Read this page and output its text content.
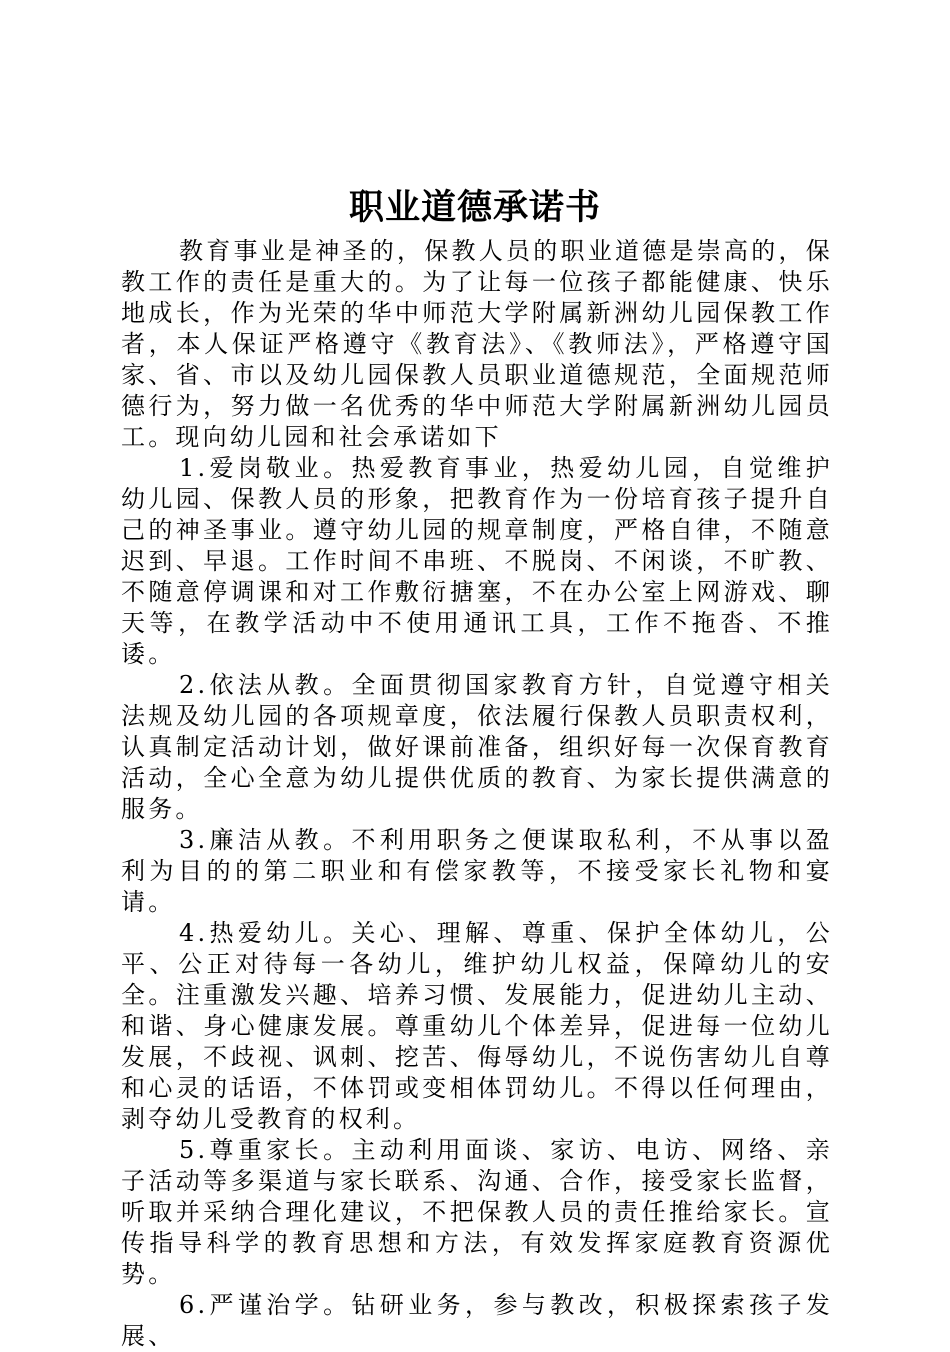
职业道德承诺书

教育事业是神圣的，保教人员的职业道德是崇高的，保教工作的责任是重大的。为了让每一位孩子都能健康、快乐地成长，作为光荣的华中师范大学附属新洲幼儿园保教工作者，本人保证严格遵守《教育法》、《教师法》，严格遵守国家、省、市以及幼儿园保教人员职业道德规范，全面规范师德行为，努力做一名优秀的华中师范大学附属新洲幼儿园员工。现向幼儿园和社会承诺如下

1.爱岗敬业。热爱教育事业，热爱幼儿园，自觉维护幼儿园、保教人员的形象，把教育作为一份培育孩子提升自己的神圣事业。遵守幼儿园的规章制度，严格自律，不随意迟到、早退。工作时间不串班、不脱岗、不闲谈，不旷教、不随意停调课和对工作敷衍搪塞，不在办公室上网游戏、聊天等，在教学活动中不使用通讯工具，工作不拖沓、不推诿。

2.依法从教。全面贯彻国家教育方针，自觉遵守相关法规及幼儿园的各项规章度，依法履行保教人员职责权利，认真制定活动计划，做好课前准备，组织好每一次保育教育活动，全心全意为幼儿提供优质的教育、为家长提供满意的服务。

3.廉洁从教。不利用职务之便谋取私利，不从事以盈利为目的的第二职业和有偿家教等，不接受家长礼物和宴请。

4.热爱幼儿。关心、理解、尊重、保护全体幼儿，公平、公正对待每一各幼儿，维护幼儿权益，保障幼儿的安全。注重激发兴趣、培养习惯、发展能力，促进幼儿主动、和谐、身心健康发展。尊重幼儿个体差异，促进每一位幼儿发展，不歧视、讽刺、挖苦、侮辱幼儿，不说伤害幼儿自尊和心灵的话语，不体罚或变相体罚幼儿。不得以任何理由，剥夺幼儿受教育的权利。

5.尊重家长。主动利用面谈、家访、电访、网络、亲子活动等多渠道与家长联系、沟通、合作，接受家长监督，听取并采纳合理化建议，不把保教人员的责任推给家长。宣传指导科学的教育思想和方法，有效发挥家庭教育资源优势。

6.严谨治学。钻研业务，参与教改，积极探索孩子发展、
